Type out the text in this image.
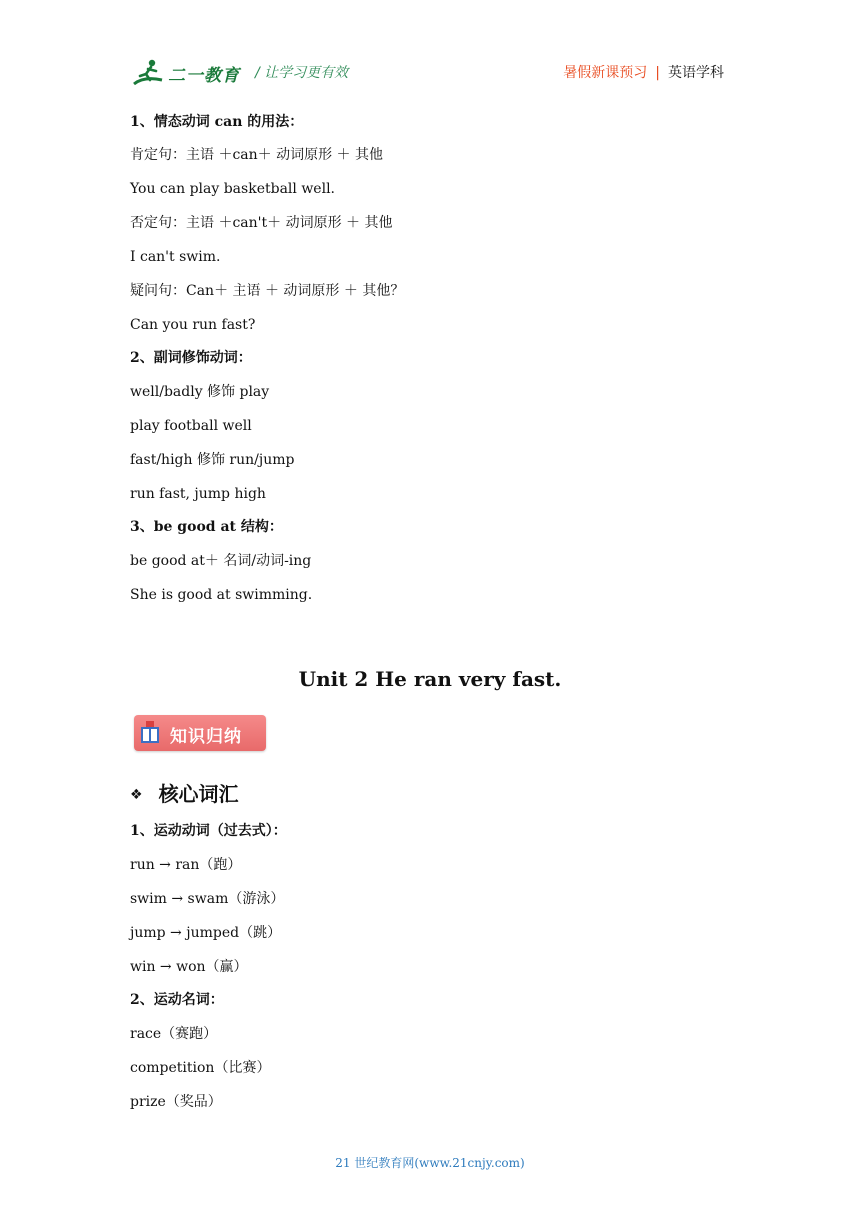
二一教育 / 让学习更有效	暑假新课预习 | 英语学科
1、情态动词 can 的用法：
肯定句：主语 ＋can＋ 动词原形 ＋ 其他
You can play basketball well.
否定句：主语 ＋can't＋ 动词原形 ＋ 其他
I can't swim.
疑问句：Can＋ 主语 ＋ 动词原形 ＋ 其他？
Can you run fast?
2、副词修饰动词：
well/badly 修饰 play
play football well
fast/high 修饰 run/jump
run fast, jump high
3、be good at 结构：
be good at＋ 名词/动词-ing
She is good at swimming.
Unit 2 He ran very fast.
知识归纳
❖ 核心词汇
1、运动动词（过去式）：
run → ran（跑）
swim → swam（游泳）
jump → jumped（跳）
win → won（赢）
2、运动名词：
race（赛跑）
competition（比赛）
prize（奖品）
21 世纪教育网(www.21cnjy.com)
